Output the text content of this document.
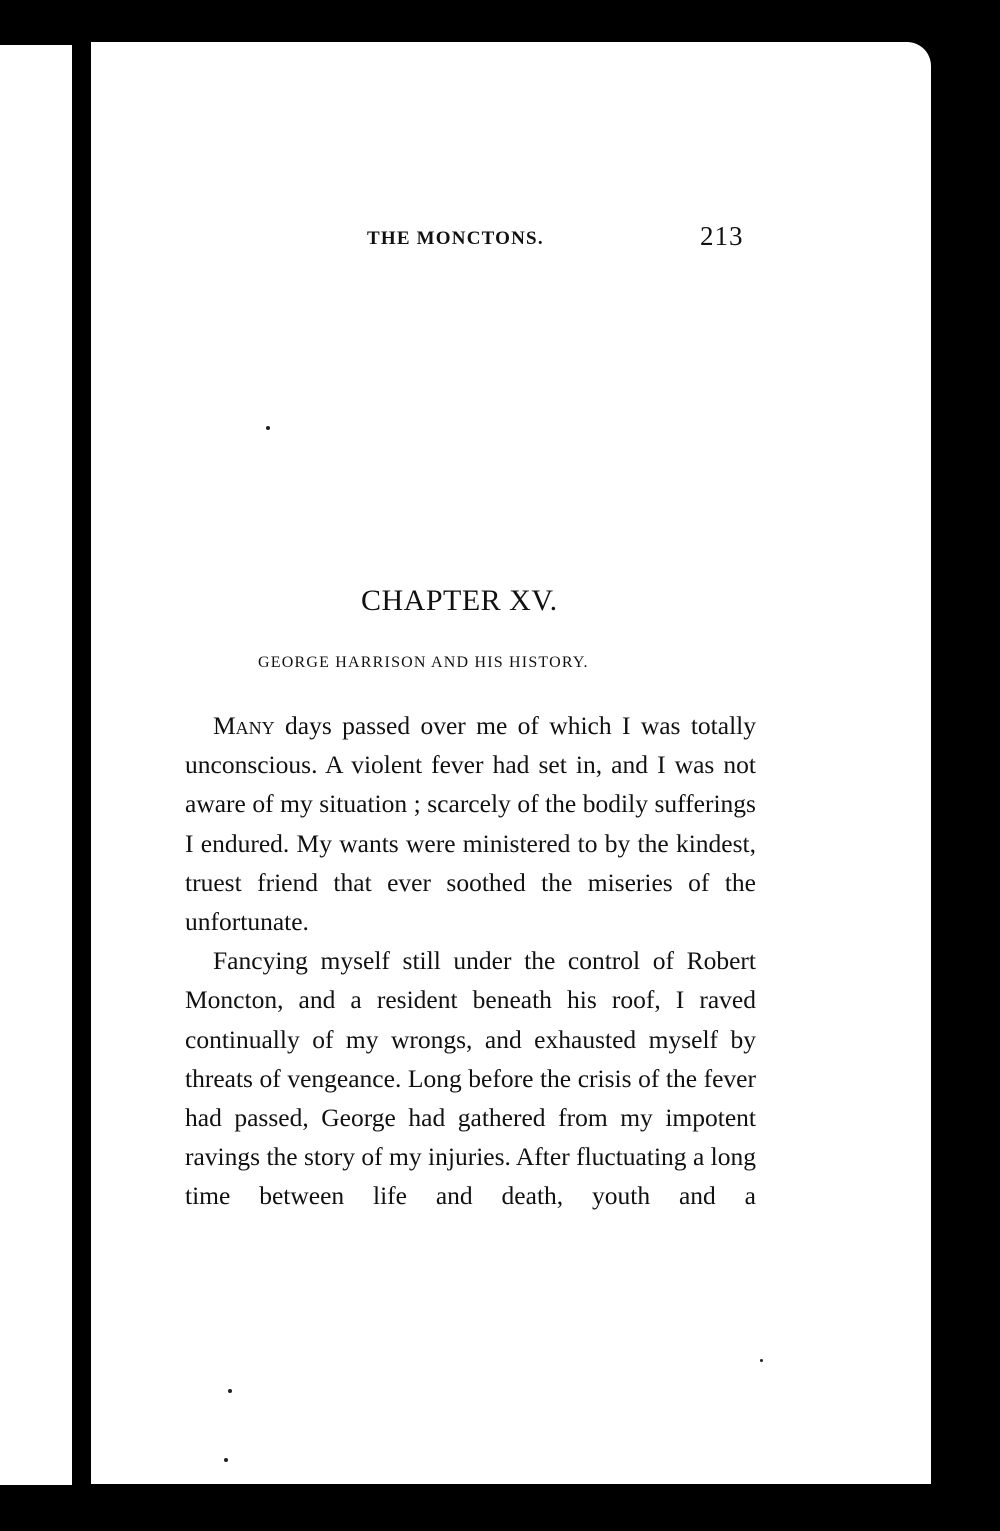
THE MONCTONS.	213
CHAPTER XV.
GEORGE HARRISON AND HIS HISTORY.

Many days passed over me of which I was totally unconscious. A violent fever had set in, and I was not aware of my situation ; scarcely of the bodily sufferings I endured. My wants were ministered to by the kindest, truest friend that ever soothed the miseries of the unfortunate.

Fancying myself still under the control of Robert Moncton, and a resident beneath his roof, I raved continually of my wrongs, and exhausted myself by threats of vengeance. Long before the crisis of the fever had passed, George had gathered from my impotent ravings the story of my injuries. After fluctuating a long time between life and death, youth and a
